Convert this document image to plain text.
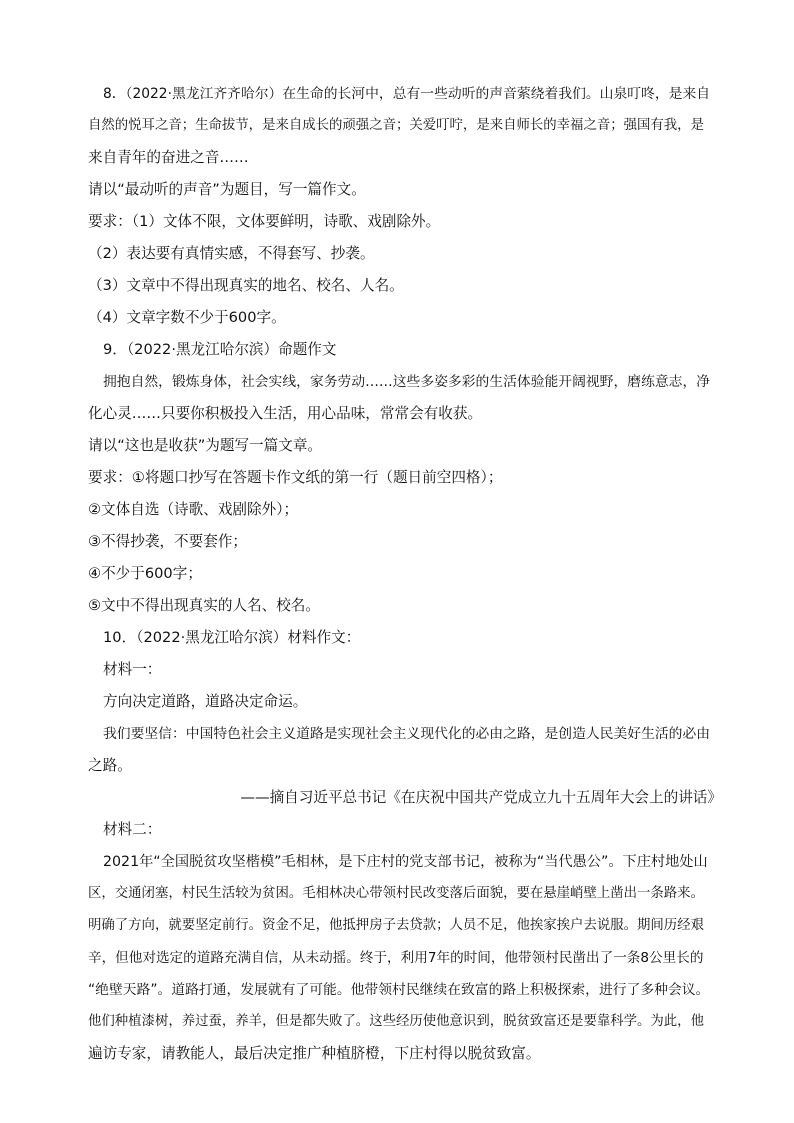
8．（2022·黑龙江齐齐哈尔）在生命的长河中，总有一些动听的声音萦绕着我们。山泉叮咚，是来自
自然的悦耳之音；生命拔节，是来自成长的顽强之音；关爱叮咛，是来自师长的幸福之音；强国有我，是
来自青年的奋进之音……
请以“最动听的声音”为题目，写一篇作文。
要求：（1）文体不限，文体要鲜明，诗歌、戏剧除外。
（2）表达要有真情实感，不得套写、抄袭。
（3）文章中不得出现真实的地名、校名、人名。
（4）文章字数不少于600字。
9．（2022·黑龙江哈尔滨）命题作文
拥抱自然，锻炼身体，社会实线，家务劳动……这些多姿多彩的生活体验能开阔视野，磨练意志，净
化心灵……只要你积极投入生活，用心品味，常常会有收获。
请以“这也是收获”为题写一篇文章。
要求：①将题口抄写在答题卡作文纸的第一行（题日前空四格）；
②文体自选（诗歌、戏剧除外）；
③不得抄袭，不要套作；
④不少于600字；
⑤文中不得出现真实的人名、校名。
10．（2022·黑龙江哈尔滨）材料作文：
材料一：
方向决定道路，道路决定命运。
我们要坚信：中国特色社会主义道路是实现社会主义现代化的必由之路，是创造人民美好生活的必由
之路。
——摘自习近平总书记《在庆祝中国共产党成立九十五周年大会上的讲话》
材料二：
2021年“全国脱贫攻坚楷模”毛相林，是下庄村的党支部书记，被称为“当代愚公”。下庄村地处山
区，交通闭塞，村民生活较为贫困。毛相林决心带领村民改变落后面貌，要在悬崖峭壁上凿出一条路来。
明确了方向，就要坚定前行。资金不足，他抵押房子去贷款；人员不足，他挨家挨户去说服。期间历经艰
辛，但他对选定的道路充满自信，从未动摇。终于，利用7年的时间，他带领村民凿出了一条8公里长的
“绝壁天路”。道路打通，发展就有了可能。他带领村民继续在致富的路上积极探索，进行了多种会议。
他们种植漆树，养过蚕，养羊，但是都失败了。这些经历使他意识到，脱贫致富还是要靠科学。为此，他
遍访专家，请教能人，最后决定推广种植脐橙，下庄村得以脱贫致富。
